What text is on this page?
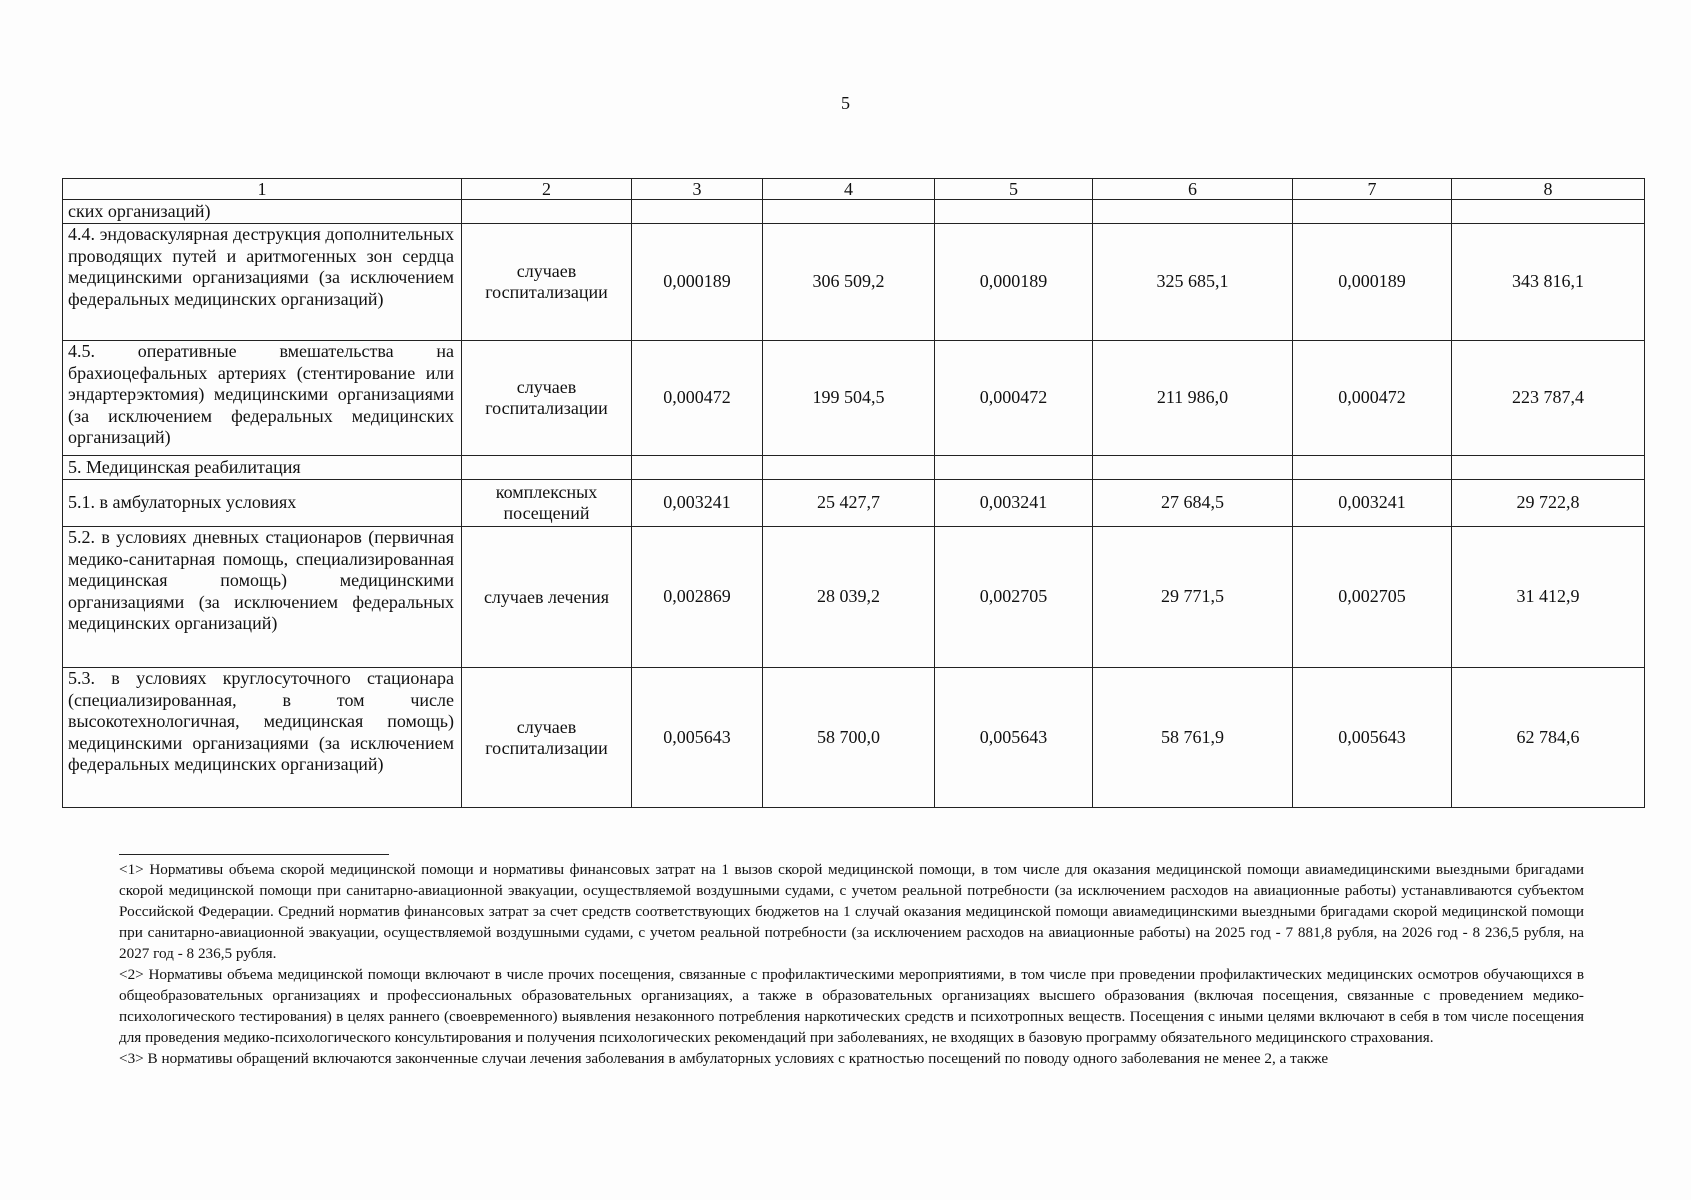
5
1	2	3	4	5	6	7	8
ских организаций)							
4.4. эндоваскулярная деструкция дополнительных проводящих путей и аритмогенных зон сердца медицинскими организациями (за исключением федеральных медицинских организаций)	случаев госпитализации	0,000189	306 509,2	0,000189	325 685,1	0,000189	343 816,1
4.5. оперативные вмешательства на брахиоцефальных артериях (стентирование или эндартерэктомия) медицинскими организациями (за исключением федеральных медицинских организаций)	случаев госпитализации	0,000472	199 504,5	0,000472	211 986,0	0,000472	223 787,4
5. Медицинская реабилитация							
5.1. в амбулаторных условиях	комплексных посещений	0,003241	25 427,7	0,003241	27 684,5	0,003241	29 722,8
5.2. в условиях дневных стационаров (первичная медико-санитарная помощь, специализированная медицинская помощь) медицинскими организациями (за исключением федеральных медицинских организаций)	случаев лечения	0,002869	28 039,2	0,002705	29 771,5	0,002705	31 412,9
5.3. в условиях круглосуточного стационара (специализированная, в том числе высокотехнологичная, медицинская помощь) медицинскими организациями (за исключением федеральных медицинских организаций)	случаев госпитализации	0,005643	58 700,0	0,005643	58 761,9	0,005643	62 784,6

<1> Нормативы объема скорой медицинской помощи и нормативы финансовых затрат на 1 вызов скорой медицинской помощи, в том числе для оказания медицинской помощи авиамедицинскими выездными бригадами скорой медицинской помощи при санитарно-авиационной эвакуации, осуществляемой воздушными судами, с учетом реальной потребности (за исключением расходов на авиационные работы) устанавливаются субъектом Российской Федерации. Средний норматив финансовых затрат за счет средств соответствующих бюджетов на 1 случай оказания медицинской помощи авиамедицинскими выездными бригадами скорой медицинской помощи при санитарно-авиационной эвакуации, осуществляемой воздушными судами, с учетом реальной потребности (за исключением расходов на авиационные работы) на 2025 год - 7 881,8 рубля, на 2026 год - 8 236,5 рубля, на 2027 год - 8 236,5 рубля.

<2> Нормативы объема медицинской помощи включают в числе прочих посещения, связанные с профилактическими мероприятиями, в том числе при проведении профилактических медицинских осмотров обучающихся в общеобразовательных организациях и профессиональных образовательных организациях, а также в образовательных организациях высшего образования (включая посещения, связанные с проведением медико-психологического тестирования) в целях раннего (своевременного) выявления незаконного потребления наркотических средств и психотропных веществ. Посещения с иными целями включают в себя в том числе посещения для проведения медико-психологического консультирования и получения психологических рекомендаций при заболеваниях, не входящих в базовую программу обязательного медицинского страхования.

<3> В нормативы обращений включаются законченные случаи лечения заболевания в амбулаторных условиях с кратностью посещений по поводу одного заболевания не менее 2, а также
